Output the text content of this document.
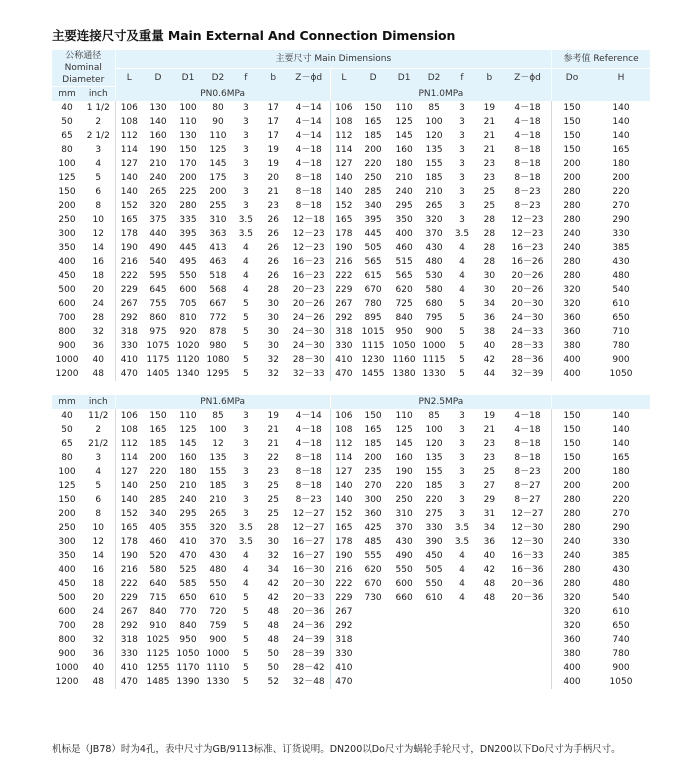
主要连接尺寸及重量 Main External And Connection Dimension
公称通径
Nominal
Diameter		主要尺寸 Main Dimensions														参考值 Reference	
		L	D	D1	D2	f	b	Z－ϕd	L	D	D1	D2	f	b	Z－ϕd	Do	H
mm	inch	PN0.6MPa							PN1.0MPa								
40	1 1/2	106	130	100	80	3	17	4－14	106	150	110	85	3	19	4－18	150	140
50	2	108	140	110	90	3	17	4－14	108	165	125	100	3	21	4－18	150	140
65	2 1/2	112	160	130	110	3	17	4－14	112	185	145	120	3	21	4－18	150	140
80	3	114	190	150	125	3	19	4－18	114	200	160	135	3	21	8－18	150	165
100	4	127	210	170	145	3	19	4－18	127	220	180	155	3	23	8－18	200	180
125	5	140	240	200	175	3	20	8－18	140	250	210	185	3	23	8－18	200	200
150	6	140	265	225	200	3	21	8－18	140	285	240	210	3	25	8－23	280	220
200	8	152	320	280	255	3	23	8－18	152	340	295	265	3	25	8－23	280	270
250	10	165	375	335	310	3.5	26	12－18	165	395	350	320	3	28	12－23	280	290
300	12	178	440	395	363	3.5	26	12－23	178	445	400	370	3.5	28	12－23	240	330
350	14	190	490	445	413	4	26	12－23	190	505	460	430	4	28	16－23	240	385
400	16	216	540	495	463	4	26	16－23	216	565	515	480	4	28	16－26	280	430
450	18	222	595	550	518	4	26	16－23	222	615	565	530	4	30	20－26	280	480
500	20	229	645	600	568	4	28	20－23	229	670	620	580	4	30	20－26	320	540
600	24	267	755	705	667	5	30	20－26	267	780	725	680	5	34	20－30	320	610
700	28	292	860	810	772	5	30	24－26	292	895	840	795	5	36	24－30	360	650
800	32	318	975	920	878	5	30	24－30	318	1015	950	900	5	38	24－33	360	710
900	36	330	1075	1020	980	5	30	24－30	330	1115	1050	1000	5	40	28－33	380	780
1000	40	410	1175	1120	1080	5	32	28－30	410	1230	1160	1115	5	42	28－36	400	900
1200	48	470	1405	1340	1295	5	32	32－33	470	1455	1380	1330	5	44	32－39	400	1050

mm	inch	PN1.6MPa							PN2.5MPa								
40	11/2	106	150	110	85	3	19	4－14	106	150	110	85	3	19	4－18	150	140
50	2	108	165	125	100	3	21	4－18	108	165	125	100	3	21	4－18	150	140
65	21/2	112	185	145	12	3	21	4－18	112	185	145	120	3	23	8－18	150	140
80	3	114	200	160	135	3	22	8－18	114	200	160	135	3	23	8－18	150	165
100	4	127	220	180	155	3	23	8－18	127	235	190	155	3	25	8－23	200	180
125	5	140	250	210	185	3	25	8－18	140	270	220	185	3	27	8－27	200	200
150	6	140	285	240	210	3	25	8－23	140	300	250	220	3	29	8－27	280	220
200	8	152	340	295	265	3	25	12－27	152	360	310	275	3	31	12－27	280	270
250	10	165	405	355	320	3.5	28	12－27	165	425	370	330	3.5	34	12－30	280	290
300	12	178	460	410	370	3.5	30	16－27	178	485	430	390	3.5	36	12－30	240	330
350	14	190	520	470	430	4	32	16－27	190	555	490	450	4	40	16－33	240	385
400	16	216	580	525	480	4	34	16－30	216	620	550	505	4	42	16－36	280	430
450	18	222	640	585	550	4	42	20－30	222	670	600	550	4	48	20－36	280	480
500	20	229	715	650	610	5	42	20－33	229	730	660	610	4	48	20－36	320	540
600	24	267	840	770	720	5	48	20－36	267							320	610
700	28	292	910	840	759	5	48	24－36	292							320	650
800	32	318	1025	950	900	5	48	24－39	318							360	740
900	36	330	1125	1050	1000	5	50	28－39	330							380	780
1000	40	410	1255	1170	1110	5	50	28－42	410							400	900
1200	48	470	1485	1390	1330	5	52	32－48	470							400	1050
机标是（JB78）时为4孔，表中尺寸为GB/9113标准、订货说明。DN200以Do尺寸为蜗轮手轮尺寸，DN200以下Do尺寸为手柄尺寸。
